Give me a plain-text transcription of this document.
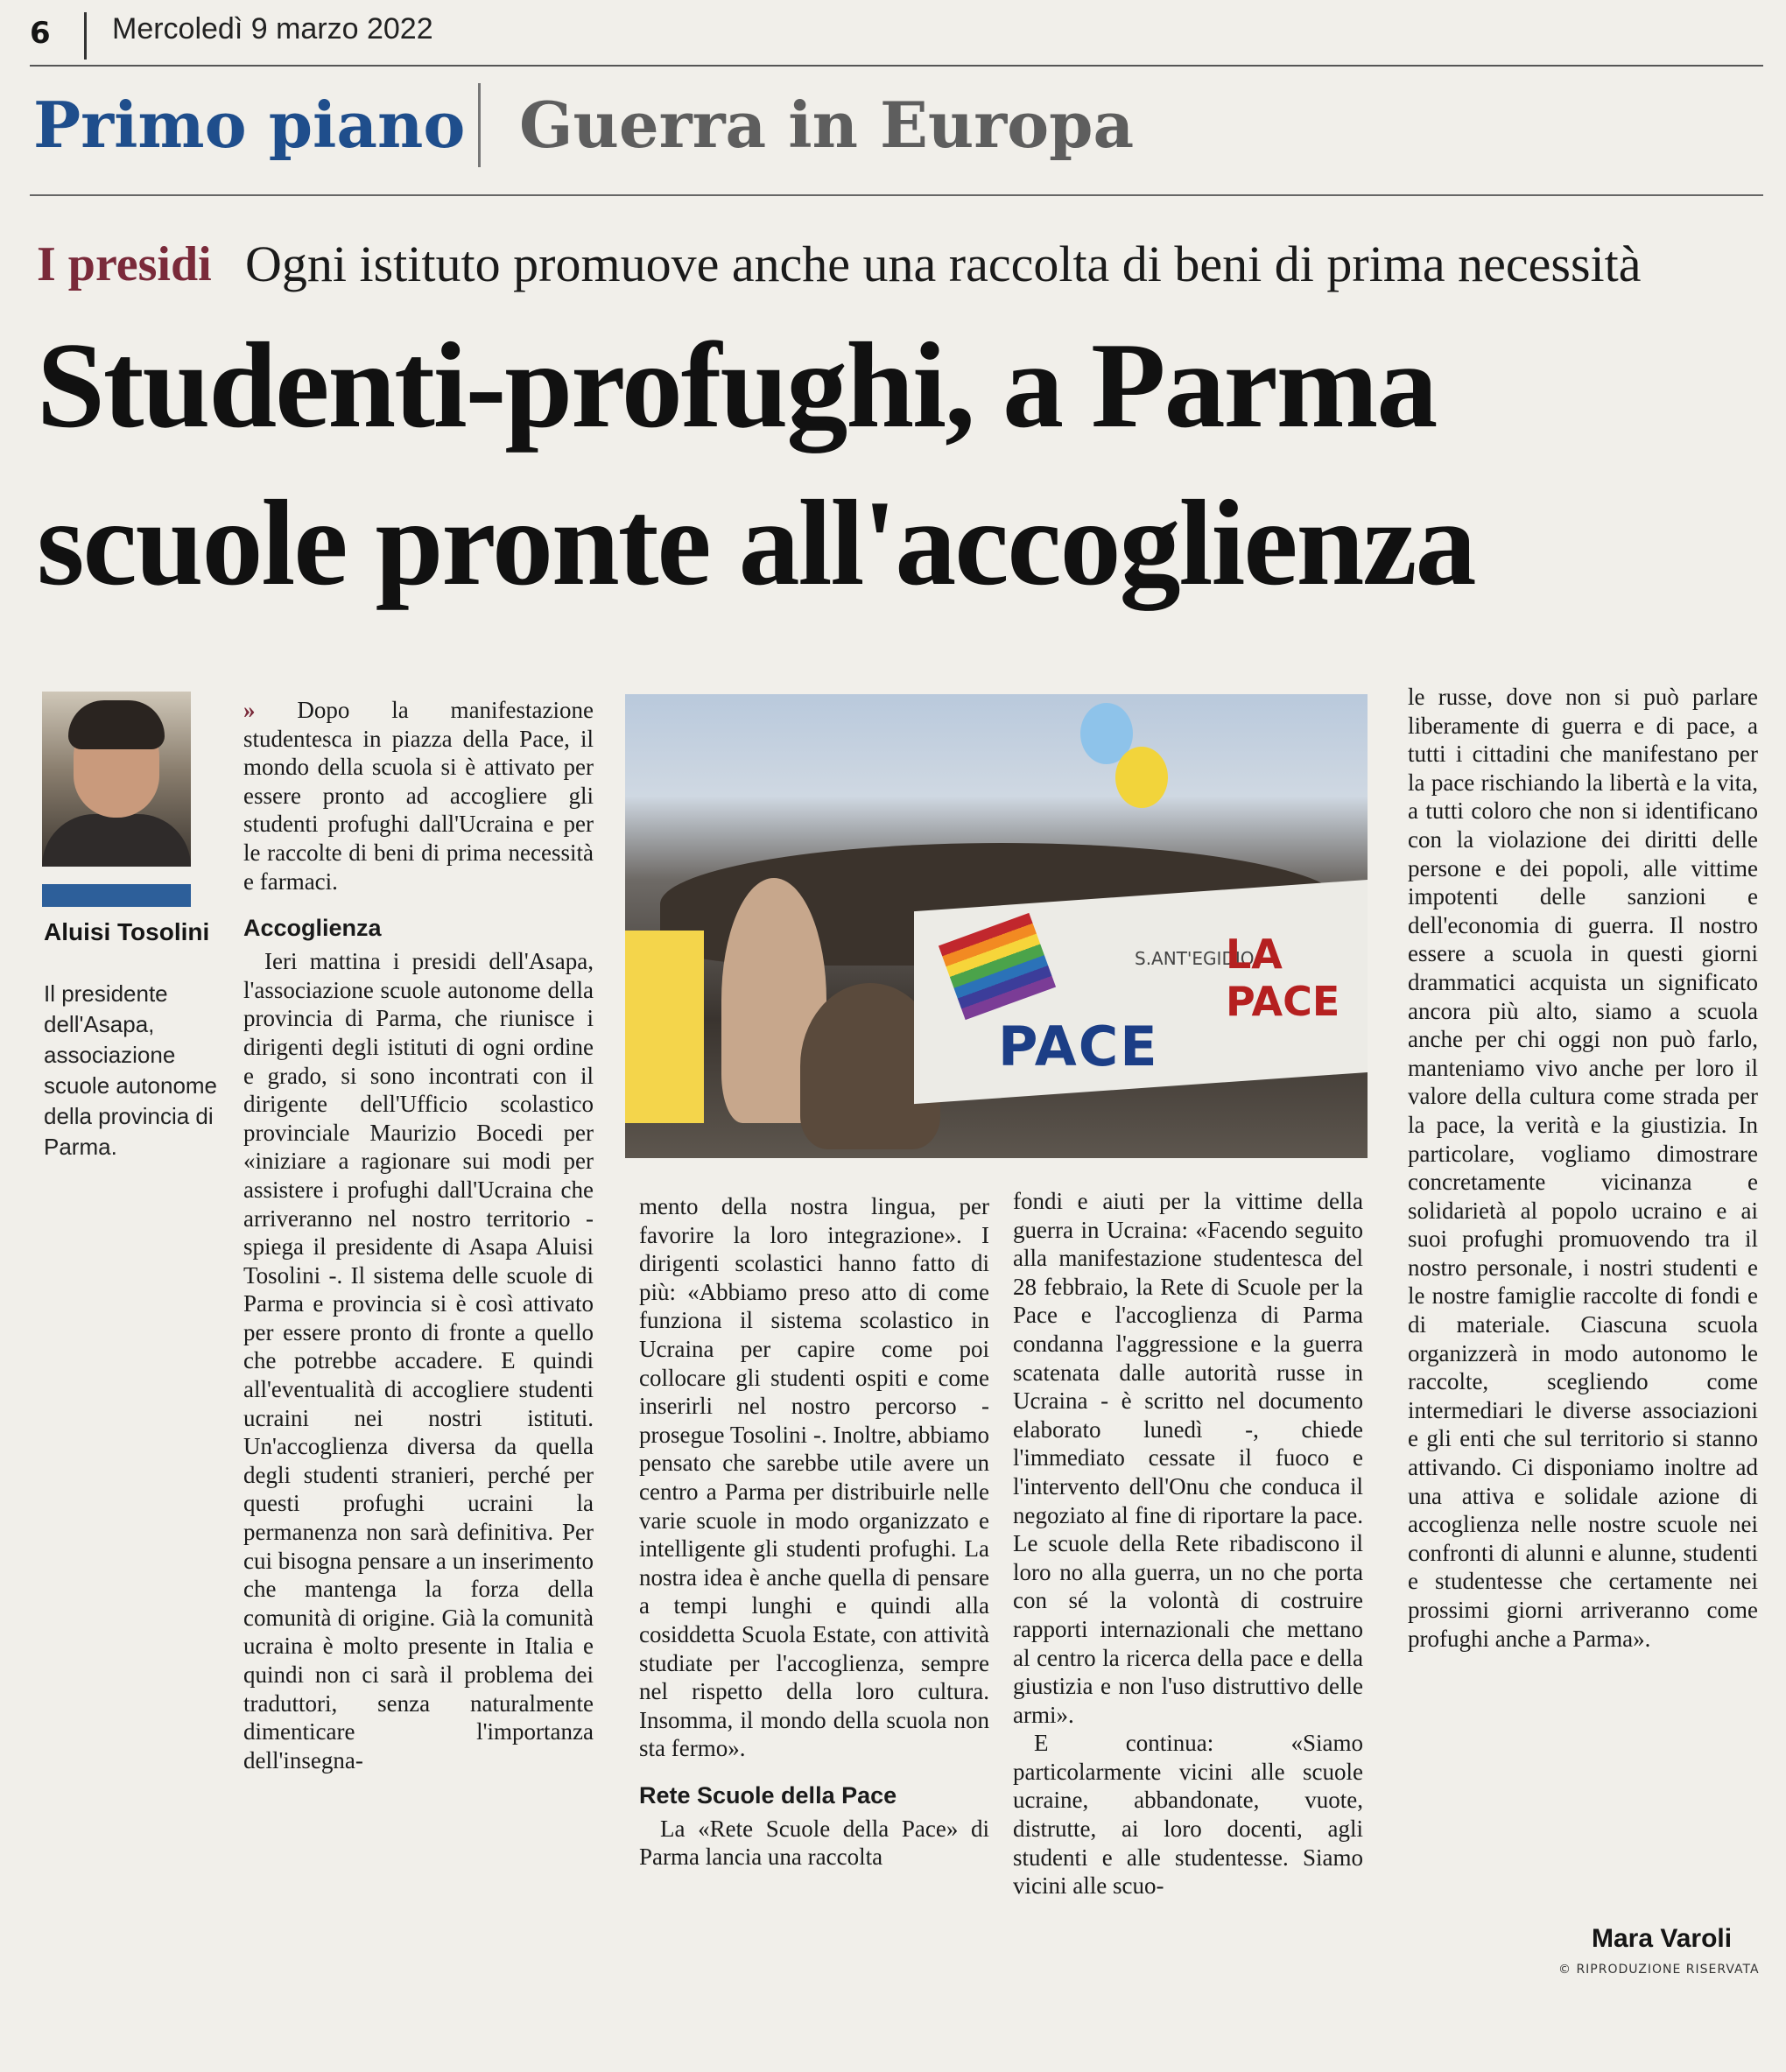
6 Mercoledì 9 marzo 2022
Primo piano Guerra in Europa
I presidi Ogni istituto promuove anche una raccolta di beni di prima necessità
Studenti-profughi, a Parma
scuole pronte all'accoglienza
Aluisi Tosolini
Il presidente dell'Asapa, associazione scuole autonome della provincia di Parma.

» Dopo la manifestazione studentesca in piazza della Pace, il mondo della scuola si è attivato per essere pronto ad accogliere gli studenti profughi dall'Ucraina e per le raccolte di beni di prima necessità e farmaci.

Accoglienza

Ieri mattina i presidi dell'Asapa, l'associazione scuole autonome della provincia di Parma, che riunisce i dirigenti degli istituti di ogni ordine e grado, si sono incontrati con il dirigente dell'Ufficio scolastico provinciale Maurizio Bocedi per «iniziare a ragionare sui modi per assistere i profughi dall'Ucraina che arriveranno nel nostro territorio - spiega il presidente di Asapa Aluisi Tosolini -. Il sistema delle scuole di Parma e provincia si è così attivato per essere pronto di fronte a quello che potrebbe accadere. E quindi all'eventualità di accogliere studenti ucraini nei nostri istituti. Un'accoglienza diversa da quella degli studenti stranieri, perché per questi profughi ucraini la permanenza non sarà definitiva. Per cui bisogna pensare a un inserimento che mantenga la forza della comunità di origine. Già la comunità ucraina è molto presente in Italia e quindi non ci sarà il problema dei traduttori, senza naturalmente dimenticare l'importanza dell'insegna-

PACE
S.ANT'EGIDIO
LA PACE

mento della nostra lingua, per favorire la loro integrazione». I dirigenti scolastici hanno fatto di più: «Abbiamo preso atto di come funziona il sistema scolastico in Ucraina per capire come poi collocare gli studenti ospiti e come inserirli nel nostro percorso - prosegue Tosolini -. Inoltre, abbiamo pensato che sarebbe utile avere un centro a Parma per distribuirle nelle varie scuole in modo organizzato e intelligente gli studenti profughi. La nostra idea è anche quella di pensare a tempi lunghi e quindi alla cosiddetta Scuola Estate, con attività studiate per l'accoglienza, sempre nel rispetto della loro cultura. Insomma, il mondo della scuola non sta fermo».

Rete Scuole della Pace

La «Rete Scuole della Pace» di Parma lancia una raccolta

fondi e aiuti per la vittime della guerra in Ucraina: «Facendo seguito alla manifestazione studentesca del 28 febbraio, la Rete di Scuole per la Pace e l'accoglienza di Parma condanna l'aggressione e la guerra scatenata dalle autorità russe in Ucraina - è scritto nel documento elaborato lunedì -, chiede l'immediato cessate il fuoco e l'intervento dell'Onu che conduca il negoziato al fine di riportare la pace. Le scuole della Rete ribadiscono il loro no alla guerra, un no che porta con sé la volontà di costruire rapporti internazionali che mettano al centro la ricerca della pace e della giustizia e non l'uso distruttivo delle armi».

E continua: «Siamo particolarmente vicini alle scuole ucraine, abbandonate, vuote, distrutte, ai loro docenti, agli studenti e alle studentesse. Siamo vicini alle scuo-

le russe, dove non si può parlare liberamente di guerra e di pace, a tutti i cittadini che manifestano per la pace rischiando la libertà e la vita, a tutti coloro che non si identificano con la violazione dei diritti delle persone e dei popoli, alle vittime impotenti delle sanzioni e dell'economia di guerra. Il nostro essere a scuola in questi giorni drammatici acquista un significato ancora più alto, siamo a scuola anche per chi oggi non può farlo, manteniamo vivo anche per loro il valore della cultura come strada per la pace, la verità e la giustizia. In particolare, vogliamo dimostrare concretamente vicinanza e solidarietà al popolo ucraino e ai suoi profughi promuovendo tra il nostro personale, i nostri studenti e le nostre famiglie raccolte di fondi e di materiale. Ciascuna scuola organizzerà in modo autonomo le raccolte, scegliendo come intermediari le diverse associazioni e gli enti che sul territorio si stanno attivando. Ci disponiamo inoltre ad una attiva e solidale azione di accoglienza nelle nostre scuole nei confronti di alunni e alunne, studenti e studentesse che certamente nei prossimi giorni arriveranno come profughi anche a Parma».

Mara Varoli
© RIPRODUZIONE RISERVATA
